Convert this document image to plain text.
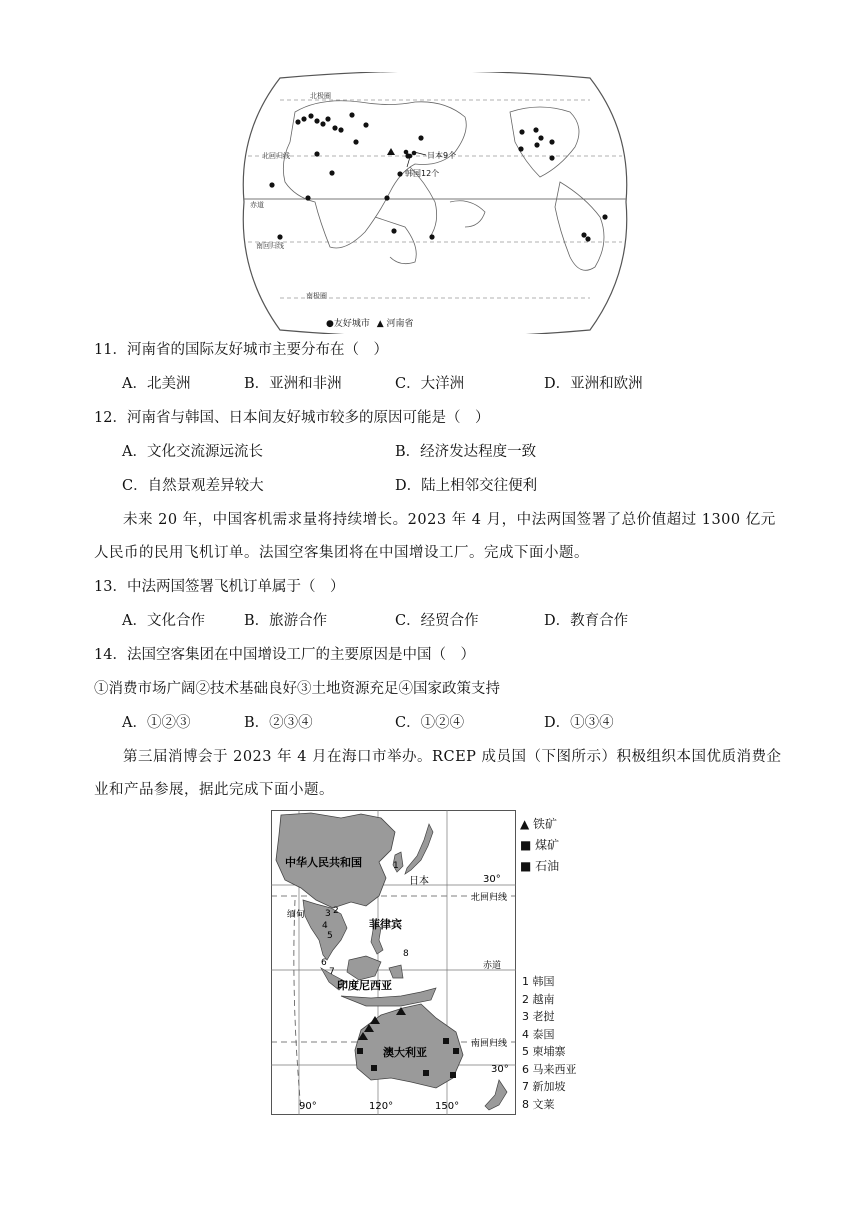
北极圈
北回归线
赤道
南回归线
南极圈
日本9个
韩国12个
●友好城市 ▲ 河南省
11．河南省的国际友好城市主要分布在（　）
A．北美洲	B．亚洲和非洲	C．大洋洲	D．亚洲和欧洲
12．河南省与韩国、日本间友好城市较多的原因可能是（　）
A．文化交流源远流长	B．经济发达程度一致
C．自然景观差异较大	D．陆上相邻交往便利
未来 20 年，中国客机需求量将持续增长。2023 年 4 月，中法两国签署了总价值超过 1300 亿元
人民币的民用飞机订单。法国空客集团将在中国增设工厂。完成下面小题。
13．中法两国签署飞机订单属于（　）
A．文化合作	B．旅游合作	C．经贸合作	D．教育合作
14．法国空客集团在中国增设工厂的主要原因是中国（　）
①消费市场广阔②技术基础良好③土地资源充足④国家政策支持
A．①②③	B．②③④	C．①②④	D．①③④
第三届消博会于 2023 年 4 月在海口市举办。RCEP 成员国（下图所示）积极组织本国优质消费企
业和产品参展，据此完成下面小题。
中华人民共和国
日本
缅甸
菲律宾
印度尼西亚
澳大利亚
1
2
3
4
5
6
7
8
30°
北回归线
赤道
南回归线
30°
90°	120°	150°
▲ 铁矿
■ 煤矿
■ 石油
1 韩国
2 越南
3 老挝
4 泰国
5 柬埔寨
6 马来西亚
7 新加坡
8 文莱
